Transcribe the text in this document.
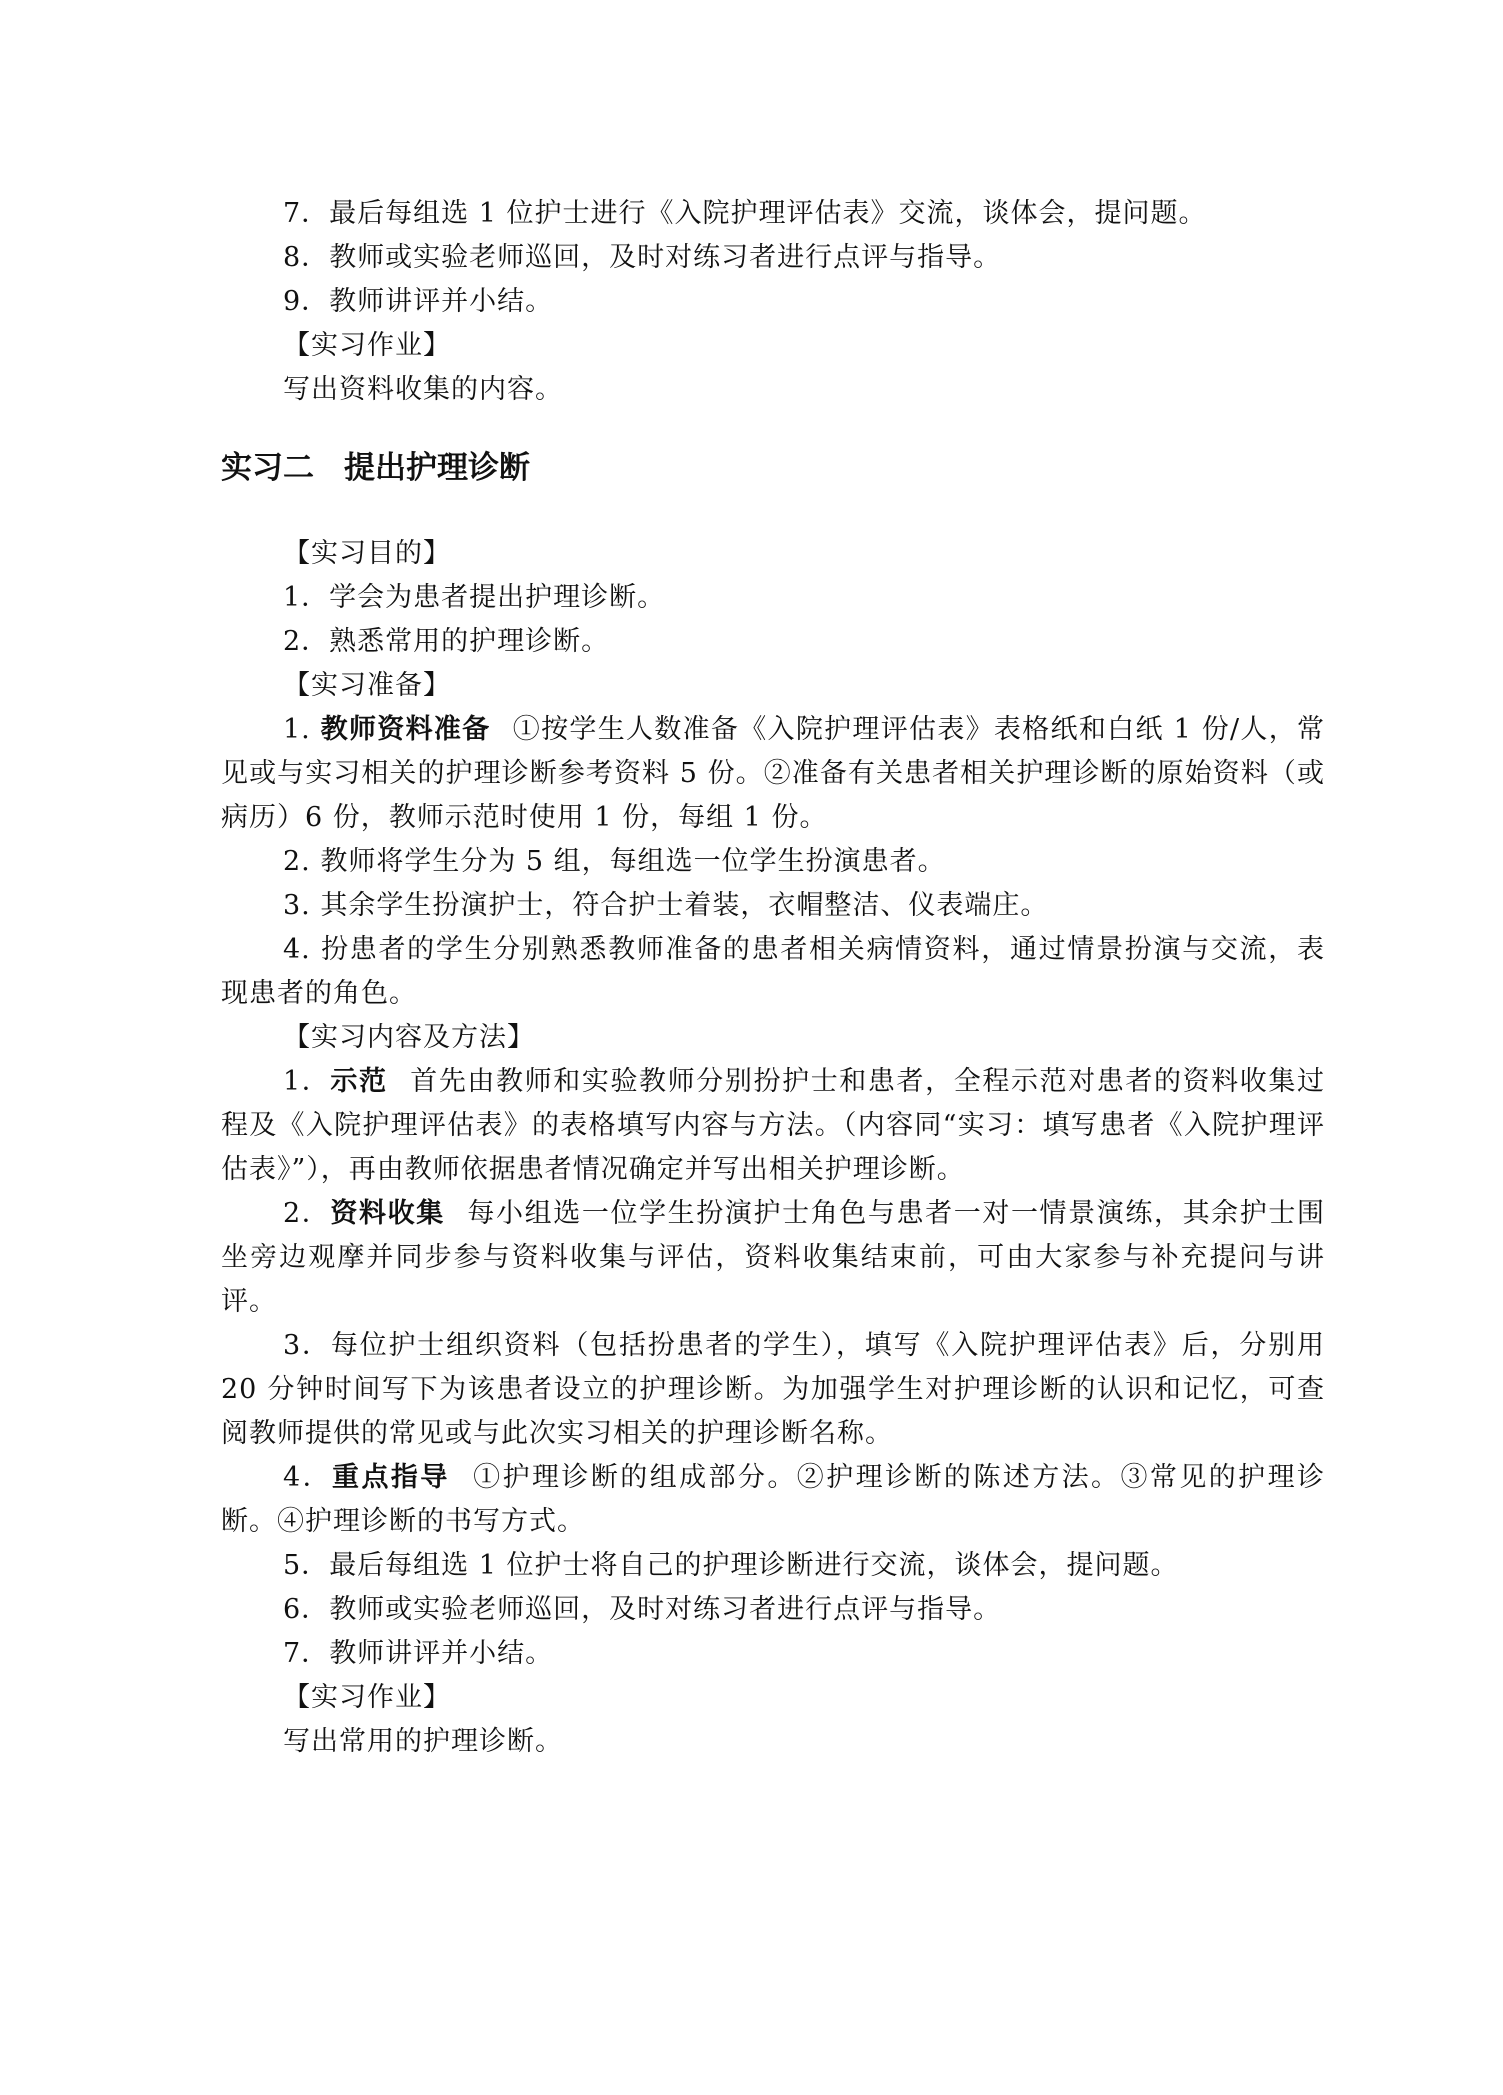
7．最后每组选 1 位护士进行《入院护理评估表》交流，谈体会，提问题。
8．教师或实验老师巡回，及时对练习者进行点评与指导。
9．教师讲评并小结。
【实习作业】
写出资料收集的内容。
实习二 提出护理诊断
【实习目的】
1．学会为患者提出护理诊断。
2．熟悉常用的护理诊断。
【实习准备】

1. 教师资料准备 ①按学生人数准备《入院护理评估表》表格纸和白纸 1 份/人，常见或与实习相关的护理诊断参考资料 5 份。②准备有关患者相关护理诊断的原始资料（或病历）6 份，教师示范时使用 1 份，每组 1 份。

2. 教师将学生分为 5 组，每组选一位学生扮演患者。

3. 其余学生扮演护士，符合护士着装，衣帽整洁、仪表端庄。

4. 扮患者的学生分别熟悉教师准备的患者相关病情资料，通过情景扮演与交流，表现患者的角色。

【实习内容及方法】

1．示范 首先由教师和实验教师分别扮护士和患者，全程示范对患者的资料收集过程及《入院护理评估表》的表格填写内容与方法。（内容同“实习：填写患者《入院护理评估表》”），再由教师依据患者情况确定并写出相关护理诊断。

2．资料收集 每小组选一位学生扮演护士角色与患者一对一情景演练，其余护士围坐旁边观摩并同步参与资料收集与评估，资料收集结束前，可由大家参与补充提问与讲评。

3．每位护士组织资料（包括扮患者的学生），填写《入院护理评估表》后，分别用 20 分钟时间写下为该患者设立的护理诊断。为加强学生对护理诊断的认识和记忆，可查阅教师提供的常见或与此次实习相关的护理诊断名称。

4．重点指导 ①护理诊断的组成部分。②护理诊断的陈述方法。③常见的护理诊断。④护理诊断的书写方式。

5．最后每组选 1 位护士将自己的护理诊断进行交流，谈体会，提问题。

6．教师或实验老师巡回，及时对练习者进行点评与指导。

7．教师讲评并小结。

【实习作业】
写出常用的护理诊断。
